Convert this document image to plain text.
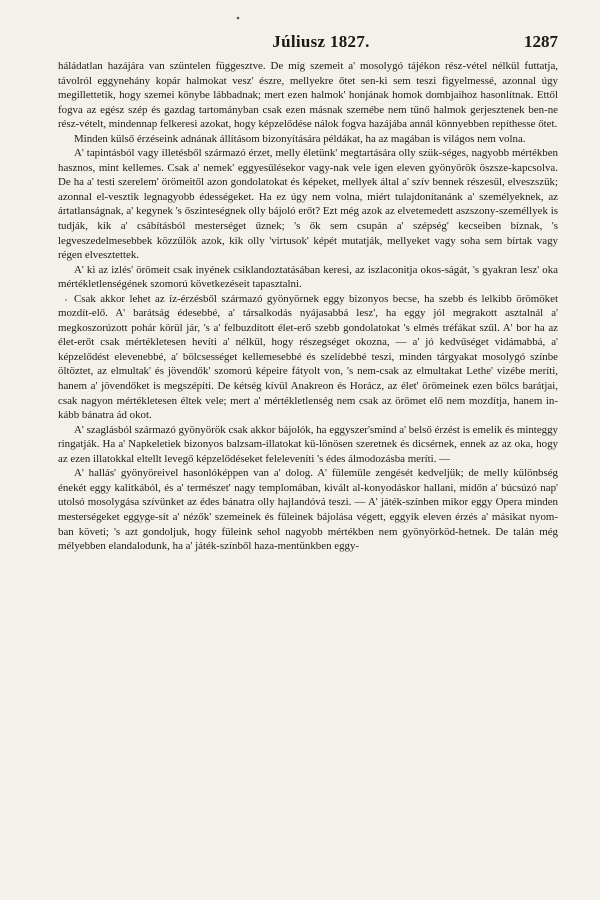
Júliusz 1827.	1287

háládatlan hazájára van szüntelen függesztve. De míg szemeit a' mosolygó tájékon rész-vétel nélkül futtatja, távolról eggynehány kopár halmokat vesz' észre, mellyekre őtet sen-ki sem teszi figyelmessé, azonnal úgy megillettetik, hogy szemei könybe lábbadnak; mert ezen halmok' honjának homok dombjaihoz hasonlítnak. Ettől fogva az egész szép és gazdag tartományban csak ezen másnak szemébe nem tűnő halmok gerjesztenek ben-ne rész-vételt, mindennap felkeresi azokat, hogy képzelődése nálok fogva hazájába annál könnyebben repíthesse őtet.

Minden külső érzéseink adnának állításom bizonyítására példákat, ha az magában is világos nem volna.

A' tapintásból vagy illetésből származó érzet, melly életünk' megtartására olly szük-séges, nagyobb mértékben hasznos, mint kellemes. Csak a' nemek' eggyesűlésekor vagy-nak vele igen eleven gyönyörök öszsze-kapcsolva. De ha a' testi szerelem' örömeitől azon gondolatokat és képeket, mellyek által a' szív bennek részesűl, elveszszük; azonnal el-vesztik legnagyobb édességeket. Ha ez úgy nem volna, miért tulajdonítanánk a' személyeknek, az ártatlanságnak, a' kegynek 's őszinteségnek olly bájoló erőt? Ezt még azok az elvetemedett aszszony-személlyek is tudják, kik a' csábításból mesterséget űznek; 's ők sem csupán a' szépség' kecseiben bíznak, 's legveszedelmesebbek közzűlök azok, kik olly 'virtusok' képét mutatják, mellyeket vagy soha sem bírtak vagy régen elvesztettek.

A' ki az izlés' örömeit csak inyének csiklandoztatásában keresi, az iszlaconitja okos-ságát, 's gyakran lesz' oka mértékletlenségének szomorú következéseit tapasztalni.

Csak akkor lehet az íz-érzésből származó gyönyörnek eggy bizonyos becse, ha szebb és lelkibb örömöket mozdít-elő. A' barátság édesebbé, a' társalkodás nyájasabbá lesz', ha eggy jól megrakott asztalnál a' megkoszorúzott pohár körül jár, 's a' felbuzdított élet-erő szebb gondolatokat 's elmés tréfákat szűl. A' bor ha az élet-erőt csak mértékletesen hevíti a' nélkül, hogy részegséget okozna, — a' jó kedvűséget vidámabbá, a' képzelődést elevenebbé, a' bölcsességet kellemesebbé és szelídebbé teszi, minden tárgyakat mosolygó színbe öltöztet, az elmultak' és jövendők' szomorú képeire fátyolt von, 's nem-csak az elmultakat Lethe' vizébe meríti, hanem a' jövendőket is megszépíti. De kétség kívül Anakreon és Horácz, az élet' örömeinek ezen bölcs barátjai, csak nagyon mértékletesen éltek vele; mert a' mértékletlenség nem csak az örömet elő nem mozdítja, hanem in-kább bánatra ád okot.

A' szaglásból származó gyönyörök csak akkor bájolók, ha eggyszer'smind a' belső érzést is emelik és minteggy ringatják. Ha a' Napkeletiek bizonyos balzsam-illatokat kü-lönösen szeretnek és dicsérnek, ennek az az oka, hogy az ezen illatokkal eltellt levegő képzelődéseket feleleveníti 's édes álmodozásba meríti. —

A' hallás' gyönyöreivel hasonlóképpen van a' dolog. A' fülemüle zengését kedveljük; de melly különbség énekét eggy kalitkából, és a' természet' nagy templomában, kivált al-konyodáskor hallani, midőn a' búcsúzó nap' utolsó mosolygása szívünket az édes bánatra olly hajlandóvá teszi. — A' játék-színben mikor eggy Opera minden mesterségeket eggyge-sít a' nézők' szemeinek és füleinek bájolása végett, eggyik eleven érzés a' másikat nyom-ban követi; 's azt gondoljuk, hogy füleink sehol nagyobb mértékben nem gyönyörköd-hetnek. De talán még mélyebben elandalodunk, ha a' játék-színből haza-mentünkben eggy-
